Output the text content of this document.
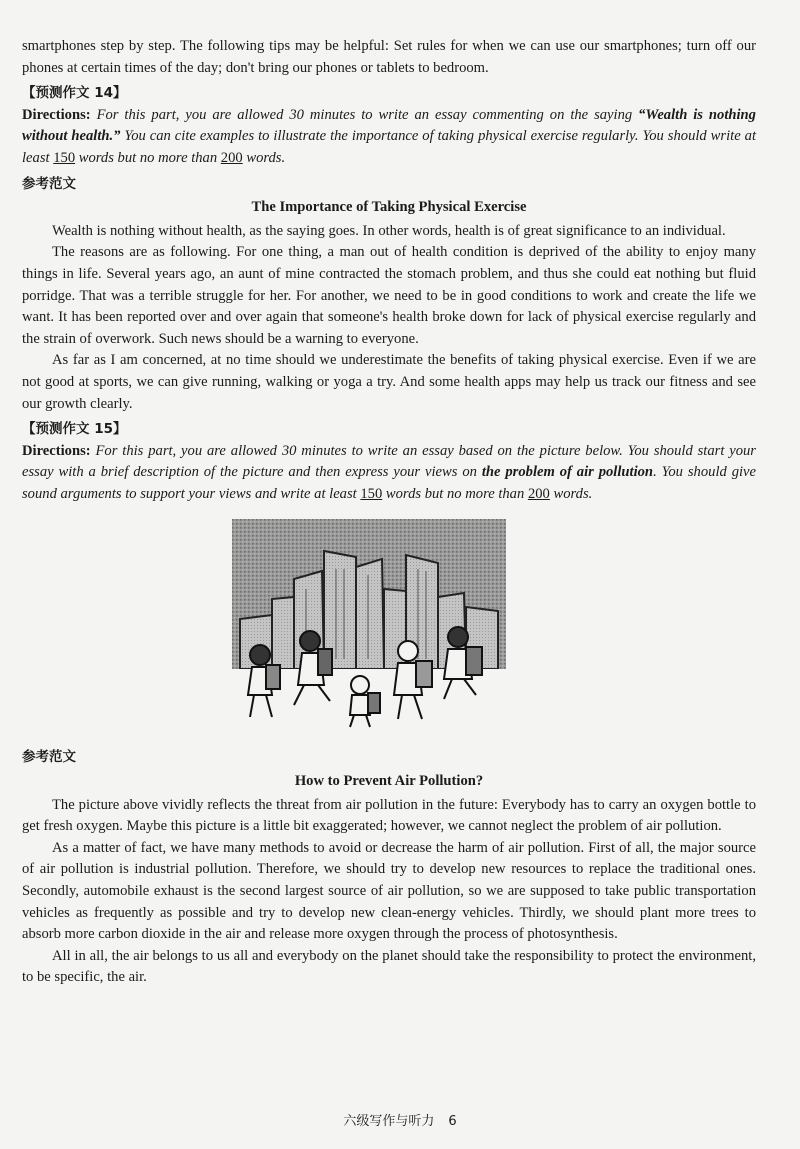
smartphones step by step. The following tips may be helpful: Set rules for when we can use our smartphones; turn off our phones at certain times of the day; don't bring our phones or tablets to bedroom.

【预测作文 14】

Directions: For this part, you are allowed 30 minutes to write an essay commenting on the saying “Wealth is nothing without health.” You can cite examples to illustrate the importance of taking physical exercise regularly. You should write at least 150 words but no more than 200 words.

参考范文

The Importance of Taking Physical Exercise

Wealth is nothing without health, as the saying goes. In other words, health is of great significance to an individual.

The reasons are as following. For one thing, a man out of health condition is deprived of the ability to enjoy many things in life. Several years ago, an aunt of mine contracted the stomach problem, and thus she could eat nothing but fluid porridge. That was a terrible struggle for her. For another, we need to be in good conditions to work and create the life we want. It has been reported over and over again that someone's health broke down for lack of physical exercise regularly and the strain of overwork. Such news should be a warning to everyone.

As far as I am concerned, at no time should we underestimate the benefits of taking physical exercise. Even if we are not good at sports, we can give running, walking or yoga a try. And some health apps may help us track our fitness and see our growth clearly.

【预测作文 15】

Directions: For this part, you are allowed 30 minutes to write an essay based on the picture below. You should start your essay with a brief description of the picture and then express your views on the problem of air pollution. You should give sound arguments to support your views and write at least 150 words but no more than 200 words.

参考范文

How to Prevent Air Pollution?

The picture above vividly reflects the threat from air pollution in the future: Everybody has to carry an oxygen bottle to get fresh oxygen. Maybe this picture is a little bit exaggerated; however, we cannot neglect the problem of air pollution.

As a matter of fact, we have many methods to avoid or decrease the harm of air pollution. First of all, the major source of air pollution is industrial pollution. Therefore, we should try to develop new resources to replace the traditional ones. Secondly, automobile exhaust is the second largest source of air pollution, so we are supposed to take public transportation vehicles as frequently as possible and try to develop new clean-energy vehicles. Thirdly, we should plant more trees to absorb more carbon dioxide in the air and release more oxygen through the process of photosynthesis.

All in all, the air belongs to us all and everybody on the planet should take the responsibility to protect the environment, to be specific, the air.

六级写作与听力 6
